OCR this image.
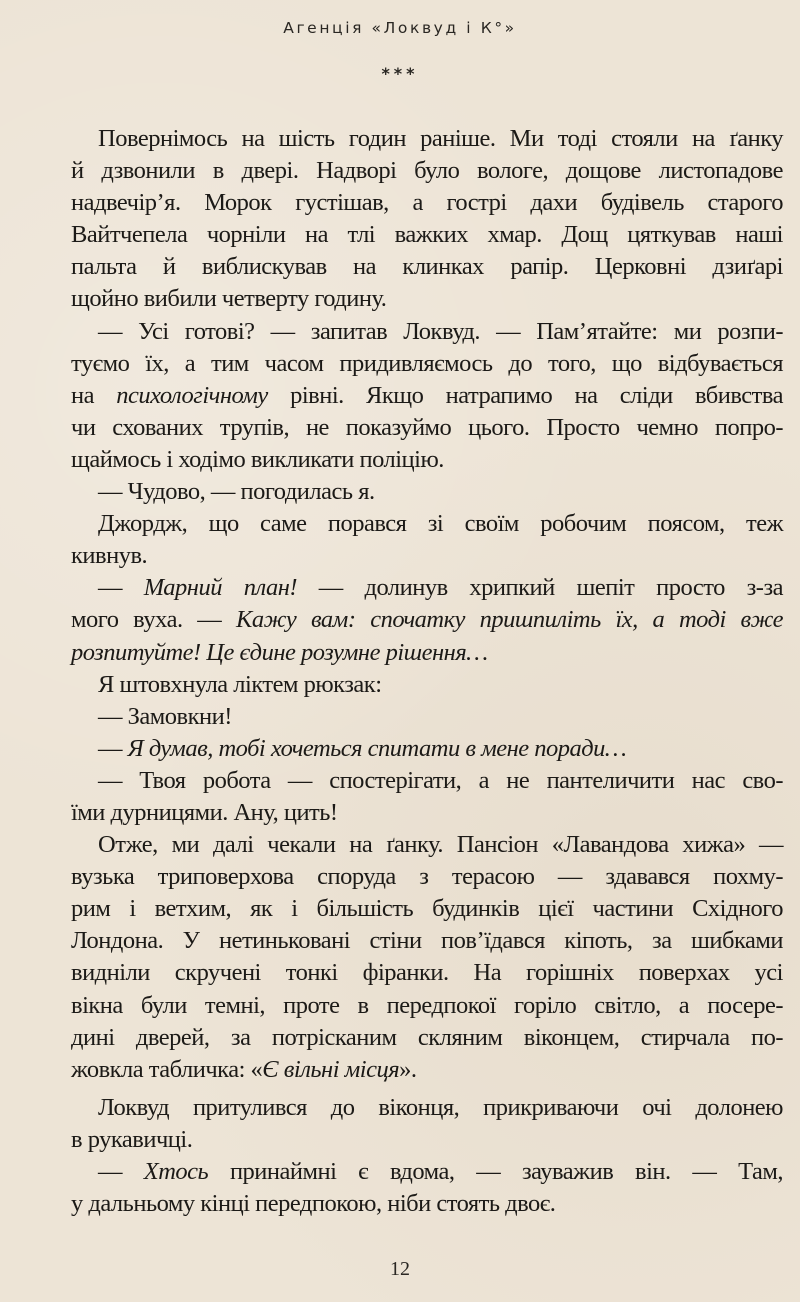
Агенція «Локвуд і К°»
***
Повернімось на шість годин раніше. Ми тоді стояли на ґанку
й дзвонили в двері. Надворі було вологе, дощове листопадове
надвечір’я. Морок густішав, а гострі дахи будівель старого
Вайтчепела чорніли на тлі важких хмар. Дощ цяткував наші
пальта й виблискував на клинках рапір. Церковні дзиґарі
щойно вибили четверту годину.
— Усі готові? — запитав Локвуд. — Пам’ятайте: ми розпи-
туємо їх, а тим часом придивляємось до того, що відбувається
на психологічному рівні. Якщо натрапимо на сліди вбивства
чи схованих трупів, не показуймо цього. Просто чемно попро-
щаймось і ходімо викликати поліцію.
— Чудово, — погодилась я.
Джордж, що саме порався зі своїм робочим поясом, теж
кивнув.
— Марний план! — долинув хрипкий шепіт просто з-за
мого вуха. — Кажу вам: спочатку пришпиліть їх, а тоді вже
розпитуйте! Це єдине розумне рішення…
Я штовхнула ліктем рюкзак:
— Замовкни!
— Я думав, тобі хочеться спитати в мене поради…
— Твоя робота — спостерігати, а не пантеличити нас сво-
їми дурницями. Ану, цить!
Отже, ми далі чекали на ґанку. Пансіон «Лавандова хижа» —
вузька триповерхова споруда з терасою — здавався похму-
рим і ветхим, як і більшість будинків цієї частини Східного
Лондона. У нетиньковані стіни пов’їдався кіпоть, за шибками
видніли скручені тонкі фіранки. На горішніх поверхах усі
вікна були темні, проте в передпокої горіло світло, а посере-
дині дверей, за потрісканим скляним віконцем, стирчала по-
жовкла табличка: «Є вільні місця».
Локвуд притулився до віконця, прикриваючи очі долонею
в рукавичці.
— Хтось принаймні є вдома, — зауважив він. — Там,
у дальньому кінці передпокою, ніби стоять двоє.
12
